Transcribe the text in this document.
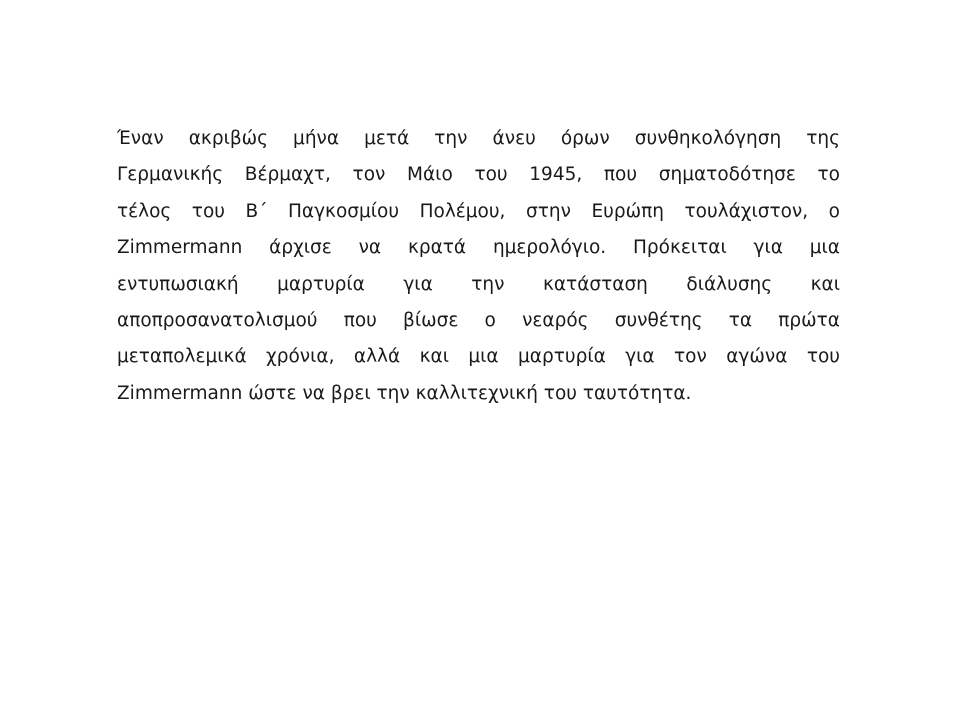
Έναν ακριβώς μήνα μετά την άνευ όρων συνθηκολόγηση της
Γερμανικής Βέρμαχτ, τον Μάιο του 1945, που σηματοδότησε το
τέλος του Β΄ Παγκοσμίου Πολέμου, στην Ευρώπη τουλάχιστον, ο
Zimmermann άρχισε να κρατά ημερολόγιο. Πρόκειται για μια
εντυπωσιακή μαρτυρία για την κατάσταση διάλυσης και
αποπροσανατολισμού που βίωσε ο νεαρός συνθέτης τα πρώτα
μεταπολεμικά χρόνια, αλλά και μια μαρτυρία για τον αγώνα του
Zimmermann ώστε να βρει την καλλιτεχνική του ταυτότητα.
